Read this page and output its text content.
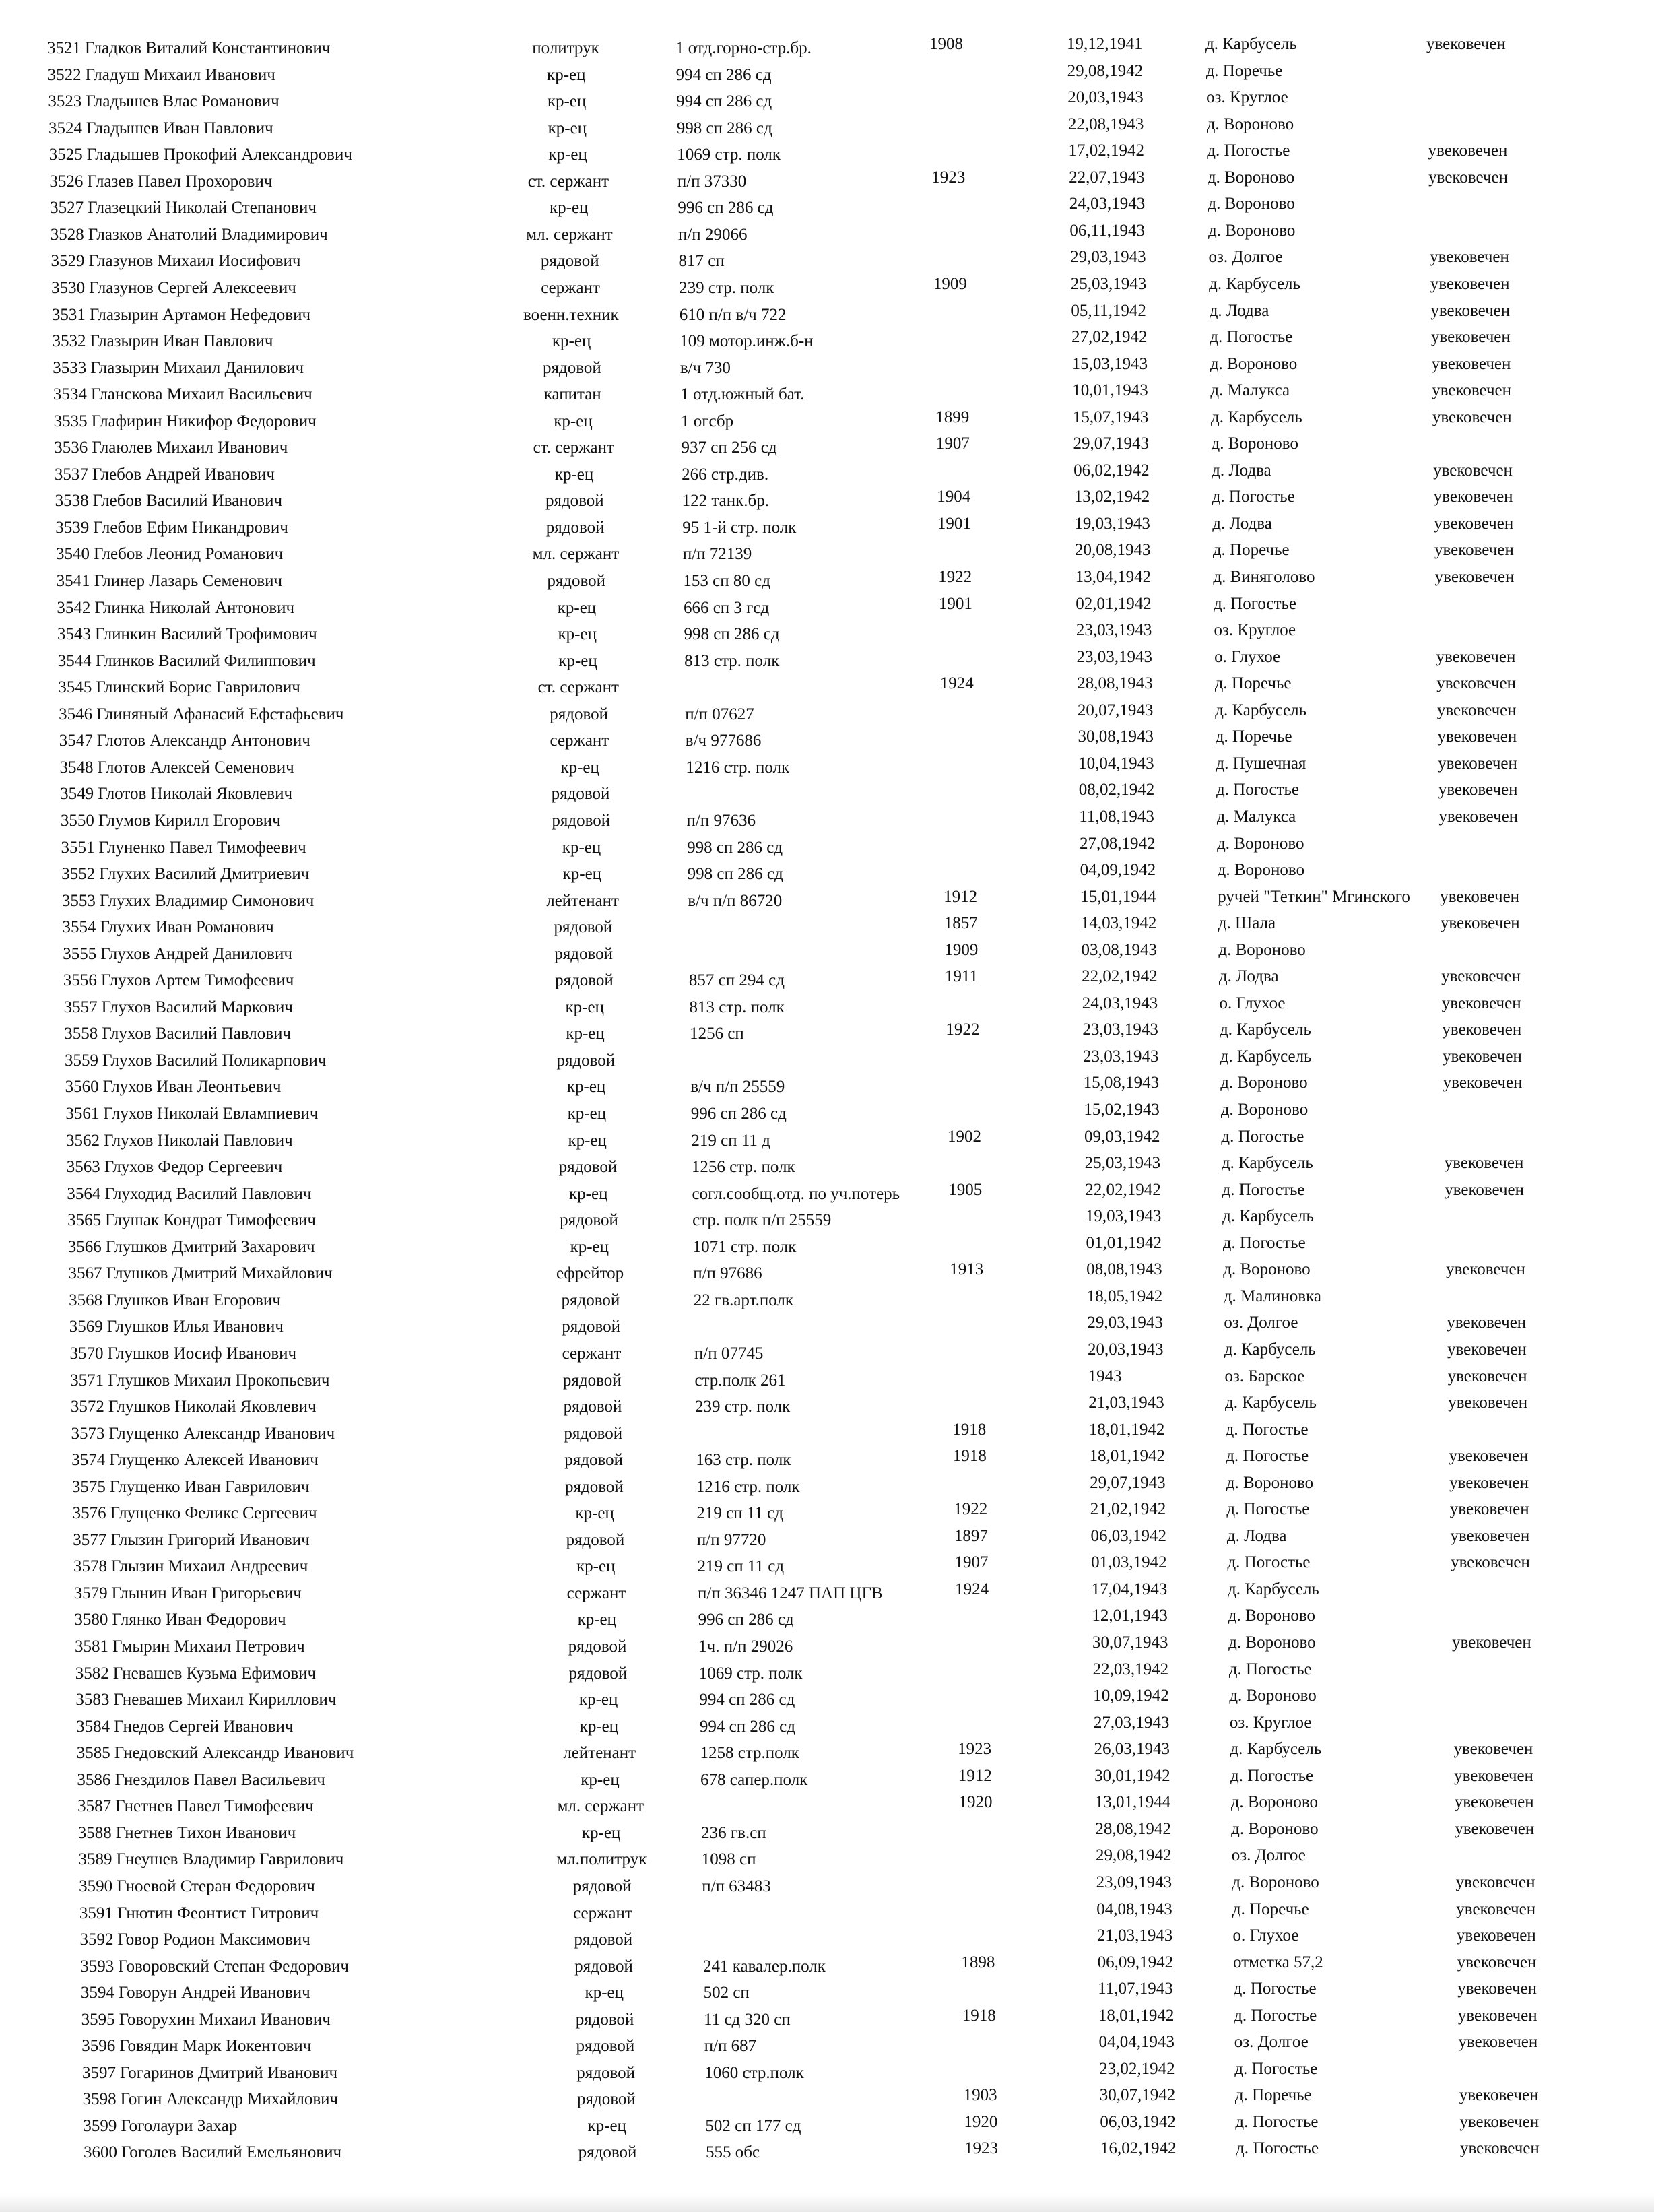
3521 Гладков Виталий Константинович	политрук	1 отд.горно-стр.бр.	1908	19,12,1941	д. Карбусель	увековечен
3522 Гладуш Михаил Иванович	кр-ец	994 сп 286 сд	29,08,1942	д. Поречье
3523 Гладышев Влас Романович	кр-ец	994 сп 286 сд	20,03,1943	оз. Круглое
3524 Гладышев Иван Павлович	кр-ец	998 сп 286 сд	22,08,1943	д. Вороново
3525 Гладышев Прокофий Александрович	кр-ец	1069 стр. полк	17,02,1942	д. Погостье	увековечен
3526 Глазев Павел Прохорович	ст. сержант	п/п 37330	1923	22,07,1943	д. Вороново	увековечен
3527 Глазецкий Николай Степанович	кр-ец	996 сп 286 сд	24,03,1943	д. Вороново
3528 Глазков Анатолий Владимирович	мл. сержант	п/п 29066	06,11,1943	д. Вороново
3529 Глазунов Михаил Иосифович	рядовой	817 сп	29,03,1943	оз. Долгое	увековечен
3530 Глазунов Сергей Алексеевич	сержант	239 стр. полк	1909	25,03,1943	д. Карбусель	увековечен
3531 Глазырин Артамон Нефедович	военн.техник	610 п/п в/ч 722	05,11,1942	д. Лодва	увековечен
3532 Глазырин Иван Павлович	кр-ец	109 мотор.инж.б-н	27,02,1942	д. Погостье	увековечен
3533 Глазырин Михаил Данилович	рядовой	в/ч 730	15,03,1943	д. Вороново	увековечен
3534 Гланскова Михаил Васильевич	капитан	1 отд.южный бат.	10,01,1943	д. Малукса	увековечен
3535 Глафирин Никифор Федорович	кр-ец	1 огсбр	1899	15,07,1943	д. Карбусель	увековечен
3536 Глаюлев Михаил Иванович	ст. сержант	937 сп 256 сд	1907	29,07,1943	д. Вороново
3537 Глебов Андрей Иванович	кр-ец	266 стр.див.	06,02,1942	д. Лодва	увековечен
3538 Глебов Василий Иванович	рядовой	122 танк.бр.	1904	13,02,1942	д. Погостье	увековечен
3539 Глебов Ефим Никандрович	рядовой	95 1-й стр. полк	1901	19,03,1943	д. Лодва	увековечен
3540 Глебов Леонид Романович	мл. сержант	п/п 72139	20,08,1943	д. Поречье	увековечен
3541 Глинер Лазарь Семенович	рядовой	153 сп 80 сд	1922	13,04,1942	д. Виняголово	увековечен
3542 Глинка Николай Антонович	кр-ец	666 сп 3 гсд	1901	02,01,1942	д. Погостье
3543 Глинкин Василий Трофимович	кр-ец	998 сп 286 сд	23,03,1943	оз. Круглое
3544 Глинков Василий Филиппович	кр-ец	813 стр. полк	23,03,1943	о. Глухое	увековечен
3545 Глинский Борис Гаврилович	ст. сержант	1924	28,08,1943	д. Поречье	увековечен
3546 Глиняный Афанасий Ефстафьевич	рядовой	п/п 07627	20,07,1943	д. Карбусель	увековечен
3547 Глотов Александр Антонович	сержант	в/ч 977686	30,08,1943	д. Поречье	увековечен
3548 Глотов Алексей Семенович	кр-ец	1216 стр. полк	10,04,1943	д. Пушечная	увековечен
3549 Глотов Николай Яковлевич	рядовой	08,02,1942	д. Погостье	увековечен
3550 Глумов Кирилл Егорович	рядовой	п/п 97636	11,08,1943	д. Малукса	увековечен
3551 Глуненко Павел Тимофеевич	кр-ец	998 сп 286 сд	27,08,1942	д. Вороново
3552 Глухих Василий Дмитриевич	кр-ец	998 сп 286 сд	04,09,1942	д. Вороново
3553 Глухих Владимир Симонович	лейтенант	в/ч п/п 86720	1912	15,01,1944	ручей "Теткин" Мгинского	увековечен
3554 Глухих Иван Романович	рядовой	1857	14,03,1942	д. Шала	увековечен
3555 Глухов Андрей Данилович	рядовой	1909	03,08,1943	д. Вороново
3556 Глухов Артем Тимофеевич	рядовой	857 сп 294 сд	1911	22,02,1942	д. Лодва	увековечен
3557 Глухов Василий Маркович	кр-ец	813 стр. полк	24,03,1943	о. Глухое	увековечен
3558 Глухов Василий Павлович	кр-ец	1256 сп	1922	23,03,1943	д. Карбусель	увековечен
3559 Глухов Василий Поликарпович	рядовой	23,03,1943	д. Карбусель	увековечен
3560 Глухов Иван Леонтьевич	кр-ец	в/ч п/п 25559	15,08,1943	д. Вороново	увековечен
3561 Глухов Николай Евлампиевич	кр-ец	996 сп 286 сд	15,02,1943	д. Вороново
3562 Глухов Николай Павлович	кр-ец	219 сп 11 д	1902	09,03,1942	д. Погостье
3563 Глухов Федор Сергеевич	рядовой	1256 стр. полк	25,03,1943	д. Карбусель	увековечен
3564 Глуходид Василий Павлович	кр-ец	согл.сообщ.отд. по уч.потерь	1905	22,02,1942	д. Погостье	увековечен
3565 Глушак Кондрат Тимофеевич	рядовой	стр. полк п/п 25559	19,03,1943	д. Карбусель
3566 Глушков Дмитрий Захарович	кр-ец	1071 стр. полк	01,01,1942	д. Погостье
3567 Глушков Дмитрий Михайлович	ефрейтор	п/п 97686	1913	08,08,1943	д. Вороново	увековечен
3568 Глушков Иван Егорович	рядовой	22 гв.арт.полк	18,05,1942	д. Малиновка
3569 Глушков Илья Иванович	рядовой	29,03,1943	оз. Долгое	увековечен
3570 Глушков Иосиф Иванович	сержант	п/п 07745	20,03,1943	д. Карбусель	увековечен
3571 Глушков Михаил Прокопьевич	рядовой	стр.полк 261	1943	оз. Барское	увековечен
3572 Глушков Николай Яковлевич	рядовой	239 стр. полк	21,03,1943	д. Карбусель	увековечен
3573 Глущенко Александр Иванович	рядовой	1918	18,01,1942	д. Погостье
3574 Глущенко Алексей Иванович	рядовой	163 стр. полк	1918	18,01,1942	д. Погостье	увековечен
3575 Глущенко Иван Гаврилович	рядовой	1216 стр. полк	29,07,1943	д. Вороново	увековечен
3576 Глущенко Феликс Сергеевич	кр-ец	219 сп 11 сд	1922	21,02,1942	д. Погостье	увековечен
3577 Глызин Григорий Иванович	рядовой	п/п 97720	1897	06,03,1942	д. Лодва	увековечен
3578 Глызин Михаил Андреевич	кр-ец	219 сп 11 сд	1907	01,03,1942	д. Погостье	увековечен
3579 Глынин Иван Григорьевич	сержант	п/п 36346 1247 ПАП ЦГВ	1924	17,04,1943	д. Карбусель
3580 Глянко Иван Федорович	кр-ец	996 сп 286 сд	12,01,1943	д. Вороново
3581 Гмырин Михаил Петрович	рядовой	1ч. п/п 29026	30,07,1943	д. Вороново	увековечен
3582 Гневашев Кузьма Ефимович	рядовой	1069 стр. полк	22,03,1942	д. Погостье
3583 Гневашев Михаил Кириллович	кр-ец	994 сп 286 сд	10,09,1942	д. Вороново
3584 Гнедов Сергей Иванович	кр-ец	994 сп 286 сд	27,03,1943	оз. Круглое
3585 Гнедовский Александр Иванович	лейтенант	1258 стр.полк	1923	26,03,1943	д. Карбусель	увековечен
3586 Гнездилов Павел Васильевич	кр-ец	678 сапер.полк	1912	30,01,1942	д. Погостье	увековечен
3587 Гнетнев Павел Тимофеевич	мл. сержант	1920	13,01,1944	д. Вороново	увековечен
3588 Гнетнев Тихон Иванович	кр-ец	236 гв.сп	28,08,1942	д. Вороново	увековечен
3589 Гнеушев Владимир Гаврилович	мл.политрук	1098 сп	29,08,1942	оз. Долгое
3590 Гноевой Стеран Федорович	рядовой	п/п 63483	23,09,1943	д. Вороново	увековечен
3591 Гнютин Феонтист Гитрович	сержант	04,08,1943	д. Поречье	увековечен
3592 Говор Родион Максимович	рядовой	21,03,1943	о. Глухое	увековечен
3593 Говоровский Степан Федорович	рядовой	241 кавалер.полк	1898	06,09,1942	отметка 57,2	увековечен
3594 Говорун Андрей Иванович	кр-ец	502 сп	11,07,1943	д. Погостье	увековечен
3595 Говорухин Михаил Иванович	рядовой	11 сд 320 сп	1918	18,01,1942	д. Погостье	увековечен
3596 Говядин Марк Иокентович	рядовой	п/п 687	04,04,1943	оз. Долгое	увековечен
3597 Гогаринов Дмитрий Иванович	рядовой	1060 стр.полк	23,02,1942	д. Погостье
3598 Гогин Александр Михайлович	рядовой	1903	30,07,1942	д. Поречье	увековечен
3599 Гоголаури Захар	кр-ец	502 сп 177 сд	1920	06,03,1942	д. Погостье	увековечен
3600 Гоголев Василий Емельянович	рядовой	555 обс	1923	16,02,1942	д. Погостье	увековечен
